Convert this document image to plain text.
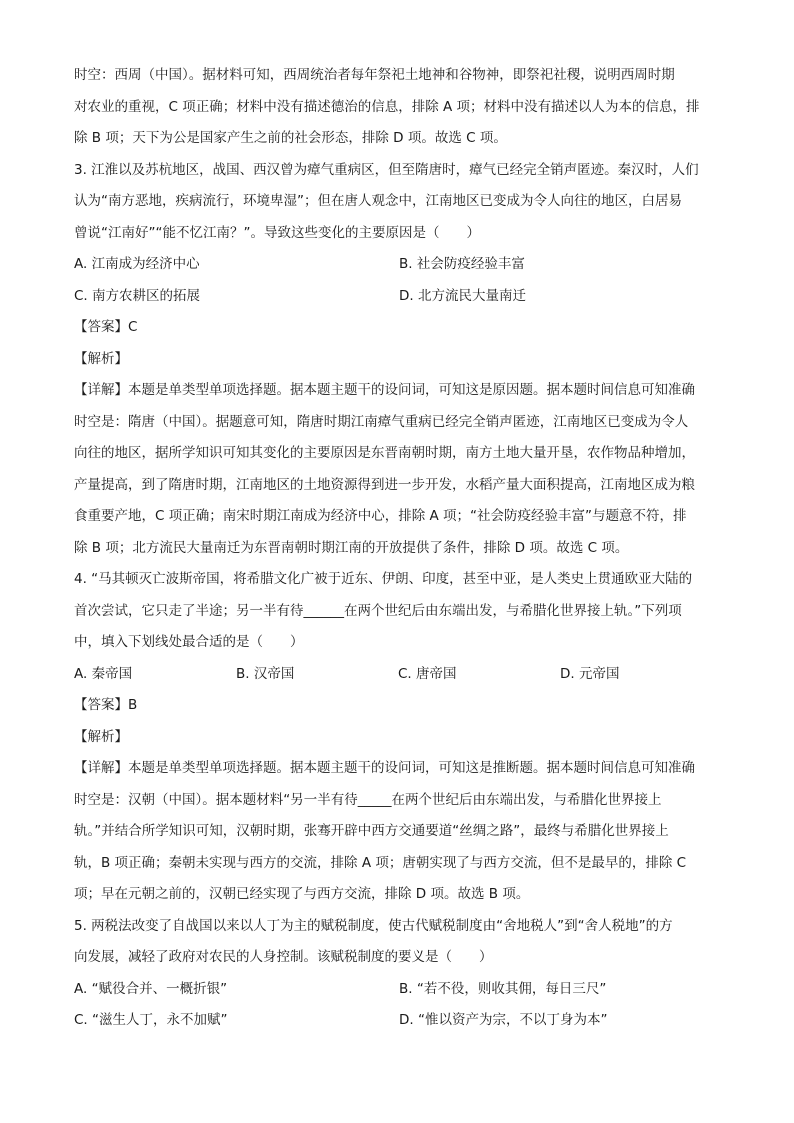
时空：西周（中国）。据材料可知，西周统治者每年祭祀土地神和谷物神，即祭祀社稷，说明西周时期
对农业的重视，C 项正确；材料中没有描述德治的信息，排除 A 项；材料中没有描述以人为本的信息，排
除 B 项；天下为公是国家产生之前的社会形态，排除 D 项。故选 C 项。
3. 江淮以及苏杭地区，战国、西汉曾为瘴气重病区，但至隋唐时，瘴气已经完全销声匿迹。秦汉时，人们
认为“南方恶地，疾病流行，环境卑湿”；但在唐人观念中，江南地区已变成为令人向往的地区，白居易
曾说“江南好”“能不忆江南？”。导致这些变化的主要原因是（　　）
A. 江南成为经济中心	B. 社会防疫经验丰富
C. 南方农耕区的拓展	D. 北方流民大量南迁
【答案】C
【解析】
【详解】本题是单类型单项选择题。据本题主题干的设问词，可知这是原因题。据本题时间信息可知准确
时空是：隋唐（中国）。据题意可知，隋唐时期江南瘴气重病已经完全销声匿迹，江南地区已变成为令人
向往的地区，据所学知识可知其变化的主要原因是东晋南朝时期，南方土地大量开垦，农作物品种增加，
产量提高，到了隋唐时期，江南地区的土地资源得到进一步开发，水稻产量大面积提高，江南地区成为粮
食重要产地，C 项正确；南宋时期江南成为经济中心，排除 A 项；“社会防疫经验丰富”与题意不符，排
除 B 项；北方流民大量南迁为东晋南朝时期江南的开放提供了条件，排除 D 项。故选 C 项。
4. “马其顿灭亡波斯帝国，将希腊文化广被于近东、伊朗、印度，甚至中亚，是人类史上贯通欧亚大陆的
首次尝试，它只走了半途；另一半有待______在两个世纪后由东端出发，与希腊化世界接上轨。”下列项
中，填入下划线处最合适的是（　　）
A. 秦帝国	B. 汉帝国	C. 唐帝国	D. 元帝国
【答案】B
【解析】
【详解】本题是单类型单项选择题。据本题主题干的设问词，可知这是推断题。据本题时间信息可知准确
时空是：汉朝（中国）。据本题材料“另一半有待_____在两个世纪后由东端出发，与希腊化世界接上
轨。”并结合所学知识可知，汉朝时期，张骞开辟中西方交通要道“丝绸之路”，最终与希腊化世界接上
轨，B 项正确；秦朝未实现与西方的交流，排除 A 项；唐朝实现了与西方交流，但不是最早的，排除 C
项；早在元朝之前的，汉朝已经实现了与西方交流，排除 D 项。故选 B 项。
5. 两税法改变了自战国以来以人丁为主的赋税制度，使古代赋税制度由“舍地税人”到“舍人税地”的方
向发展，减轻了政府对农民的人身控制。该赋税制度的要义是（　　）
A. “赋役合并、一概折银”	B. “若不役，则收其佣，每日三尺”
C. “滋生人丁，永不加赋”	D. “惟以资产为宗，不以丁身为本”
